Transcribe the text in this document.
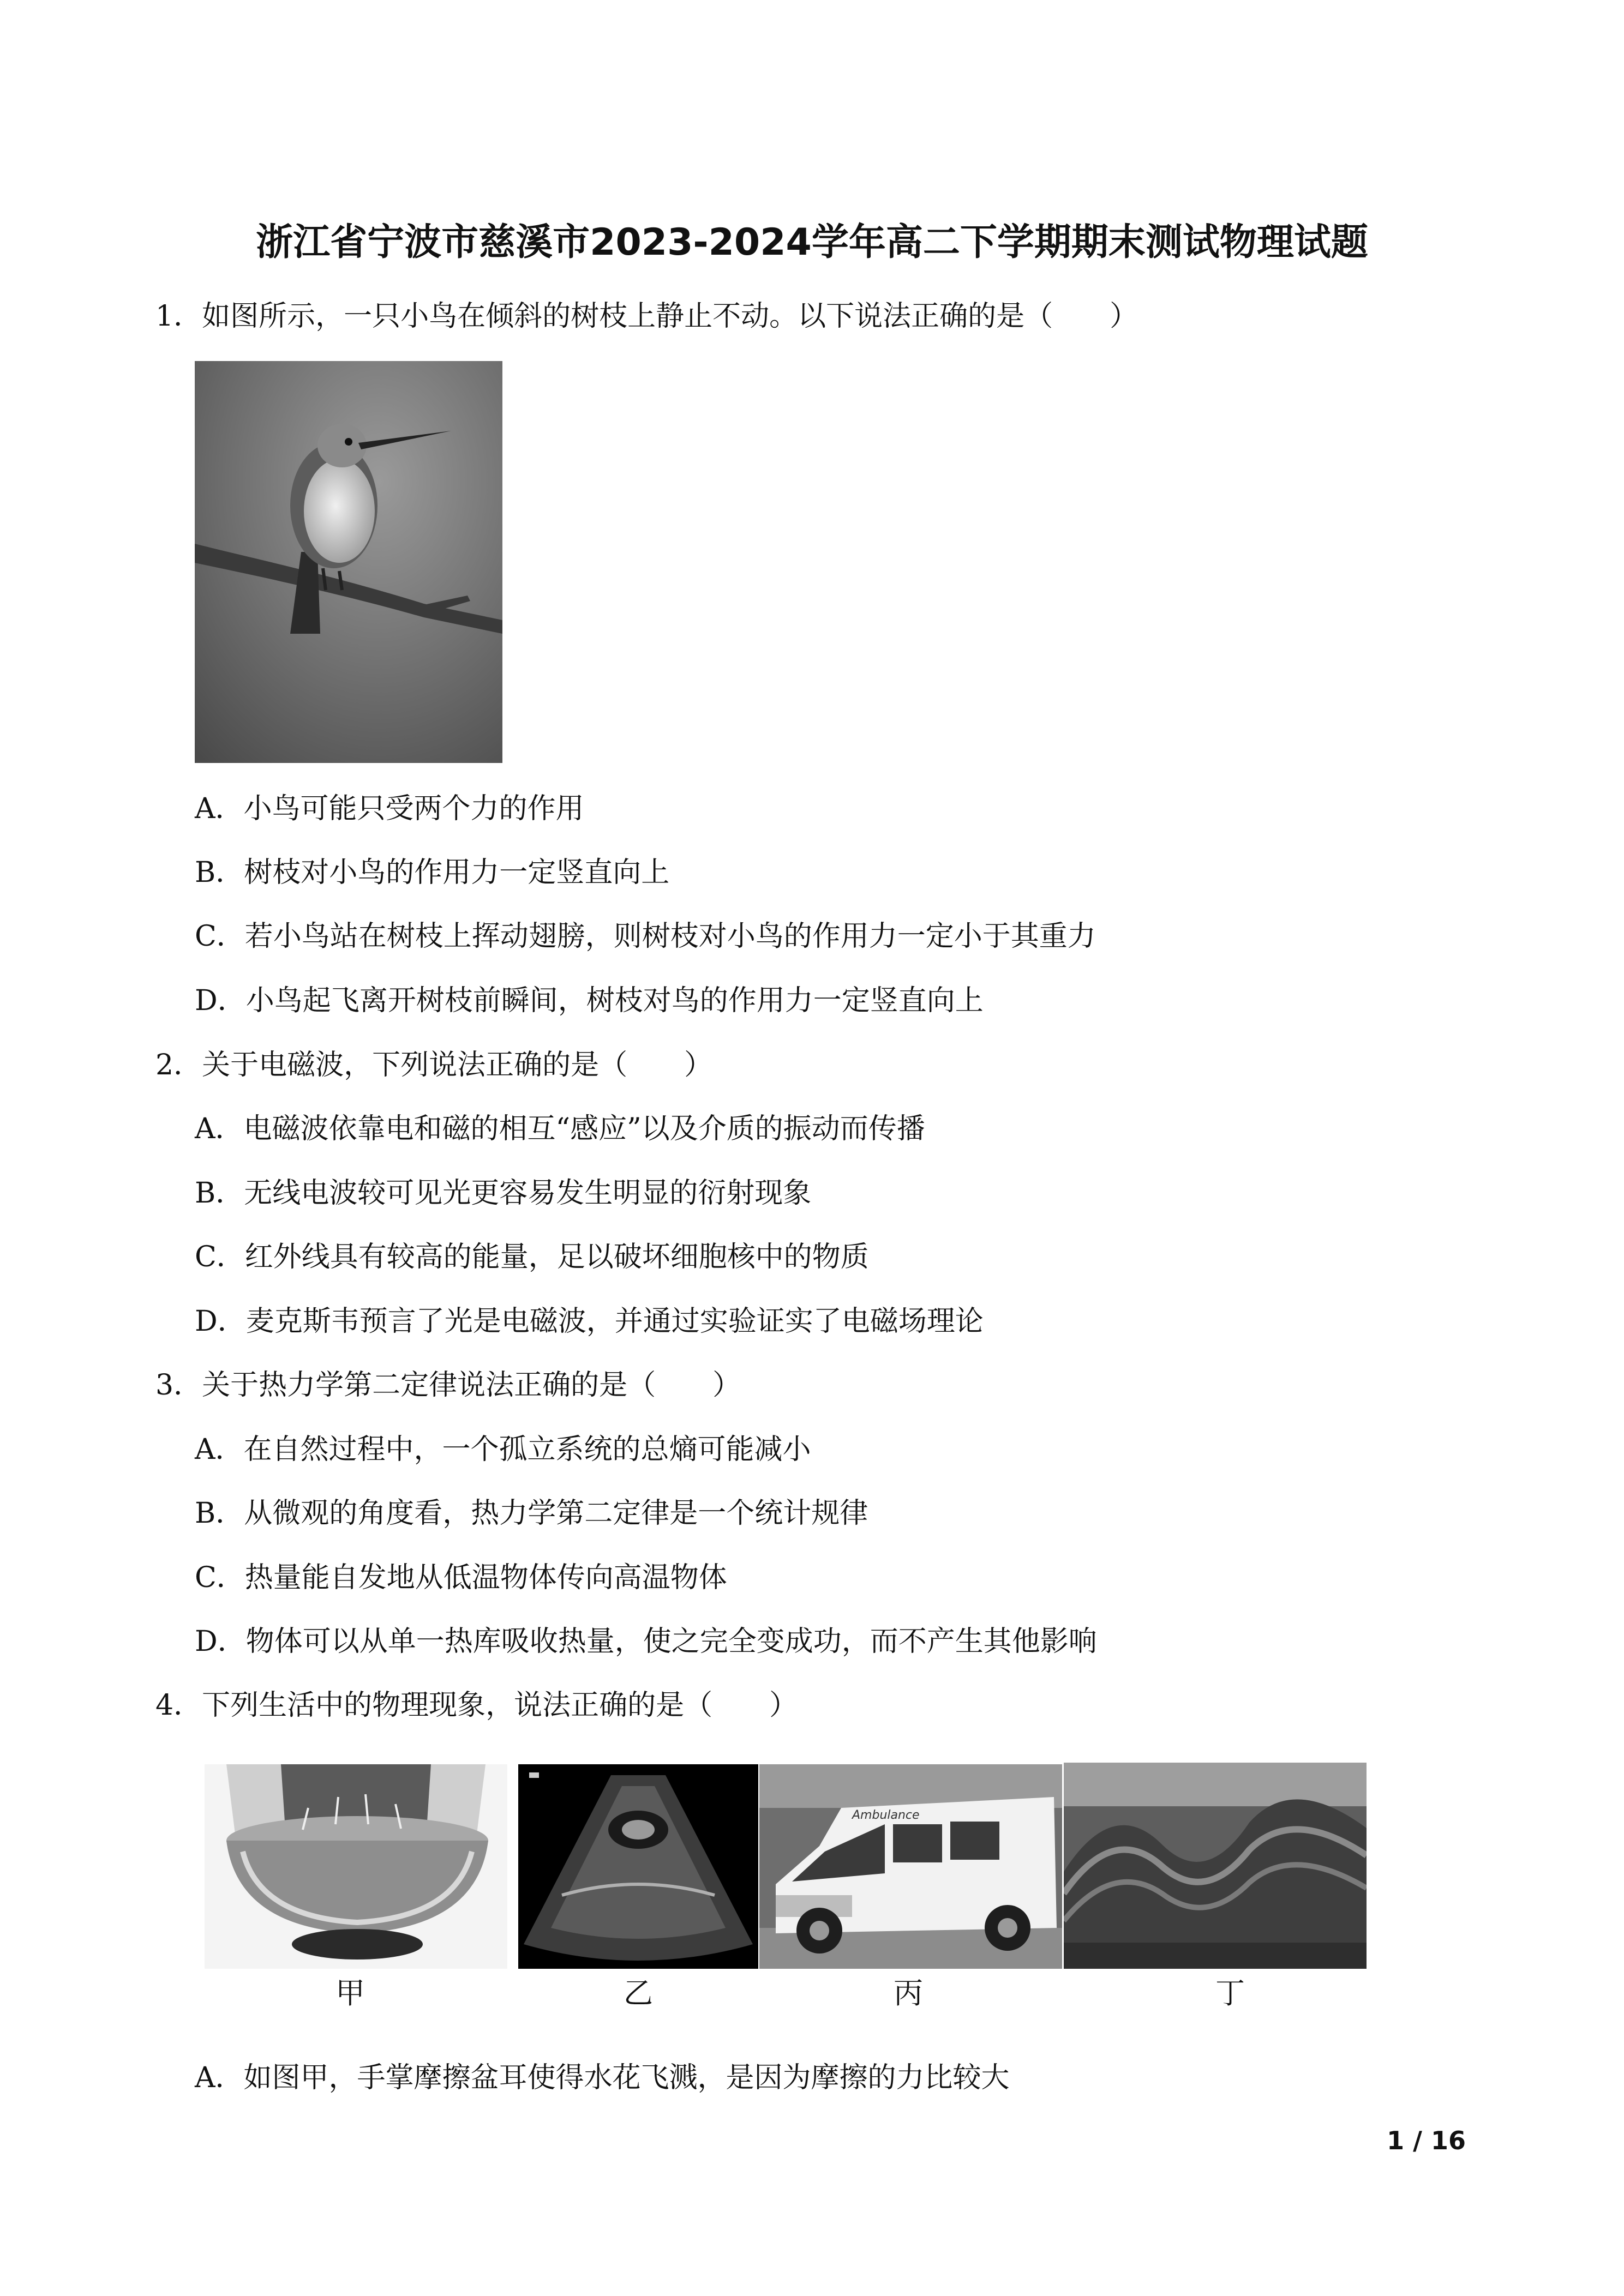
浙江省宁波市慈溪市2023-2024学年高二下学期期末测试物理试题
1．如图所示，一只小鸟在倾斜的树枝上静止不动。以下说法正确的是（　　）
A．小鸟可能只受两个力的作用
B．树枝对小鸟的作用力一定竖直向上
C．若小鸟站在树枝上挥动翅膀，则树枝对小鸟的作用力一定小于其重力
D．小鸟起飞离开树枝前瞬间，树枝对鸟的作用力一定竖直向上
2．关于电磁波，下列说法正确的是（　　）
A．电磁波依靠电和磁的相互“感应”以及介质的振动而传播
B．无线电波较可见光更容易发生明显的衍射现象
C．红外线具有较高的能量，足以破坏细胞核中的物质
D．麦克斯韦预言了光是电磁波，并通过实验证实了电磁场理论
3．关于热力学第二定律说法正确的是（　　）
A．在自然过程中，一个孤立系统的总熵可能减小
B．从微观的角度看，热力学第二定律是一个统计规律
C．热量能自发地从低温物体传向高温物体
D．物体可以从单一热库吸收热量，使之完全变成功，而不产生其他影响
4．下列生活中的物理现象，说法正确的是（　　）
Ambulance
甲	乙	丙	丁
A．如图甲，手掌摩擦盆耳使得水花飞溅，是因为摩擦的力比较大
1 / 16
